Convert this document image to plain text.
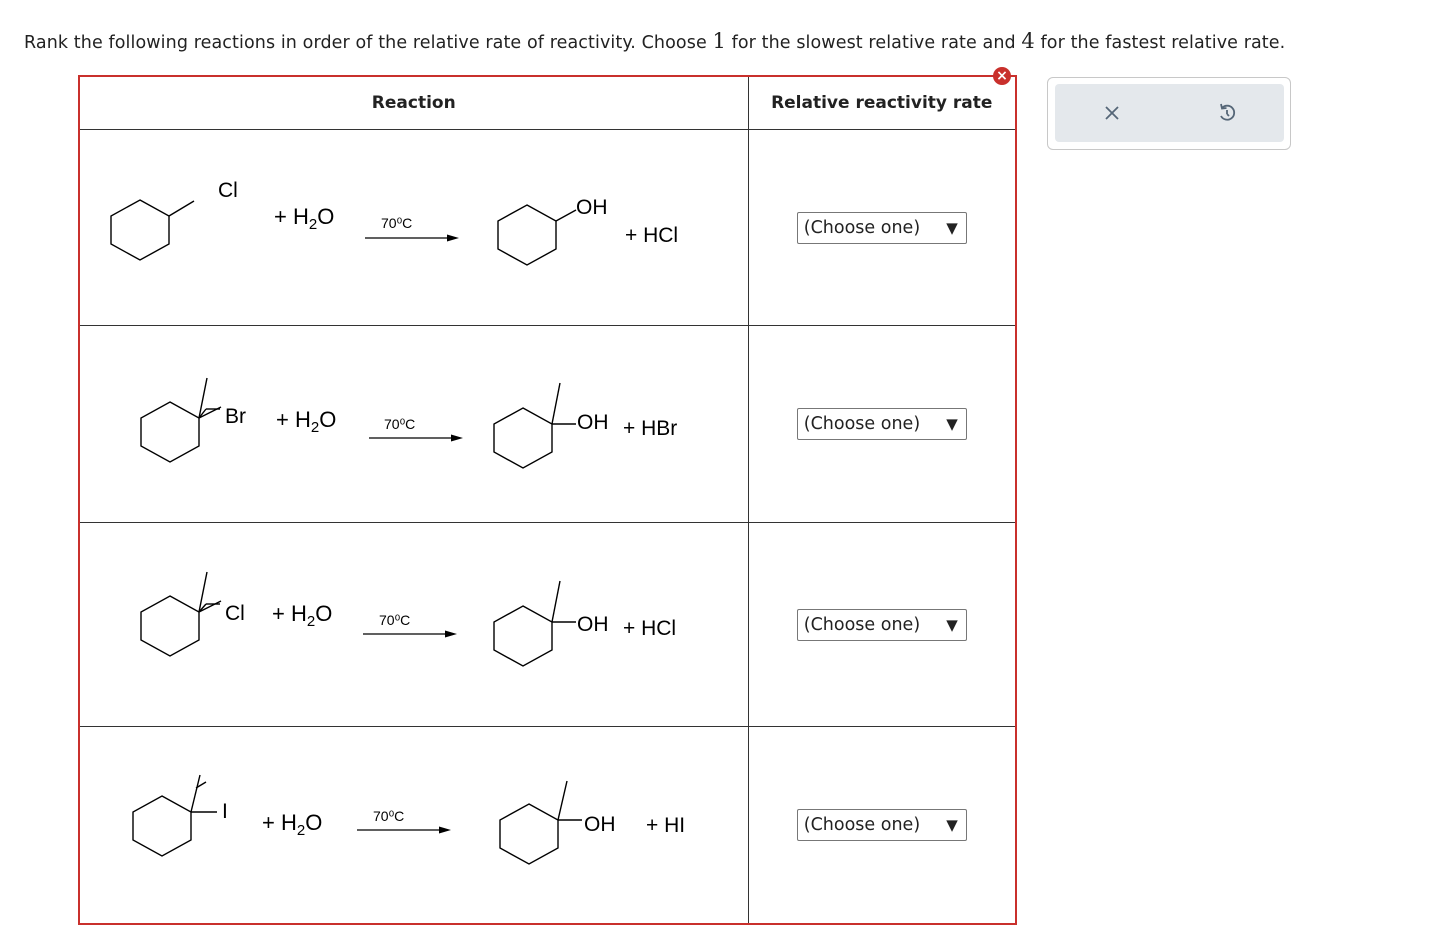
Rank the following reactions in order of the relative rate of reactivity. Choose 1 for the slowest relative rate and 4 for the fastest relative rate.
Reaction	Relative reactivity rate

Cl
+ $H_2O$ 70⁰C
OH
+ HCl	(Choose one) ▼

$Br + H_2O$ 70⁰C OH + HBr	(Choose one) ▼

$Cl + H_2O$ 70⁰C OH + HCl	(Choose one) ▼

$I + H_2O$ 70⁰C OH + HI	(Choose one) ▼
×
